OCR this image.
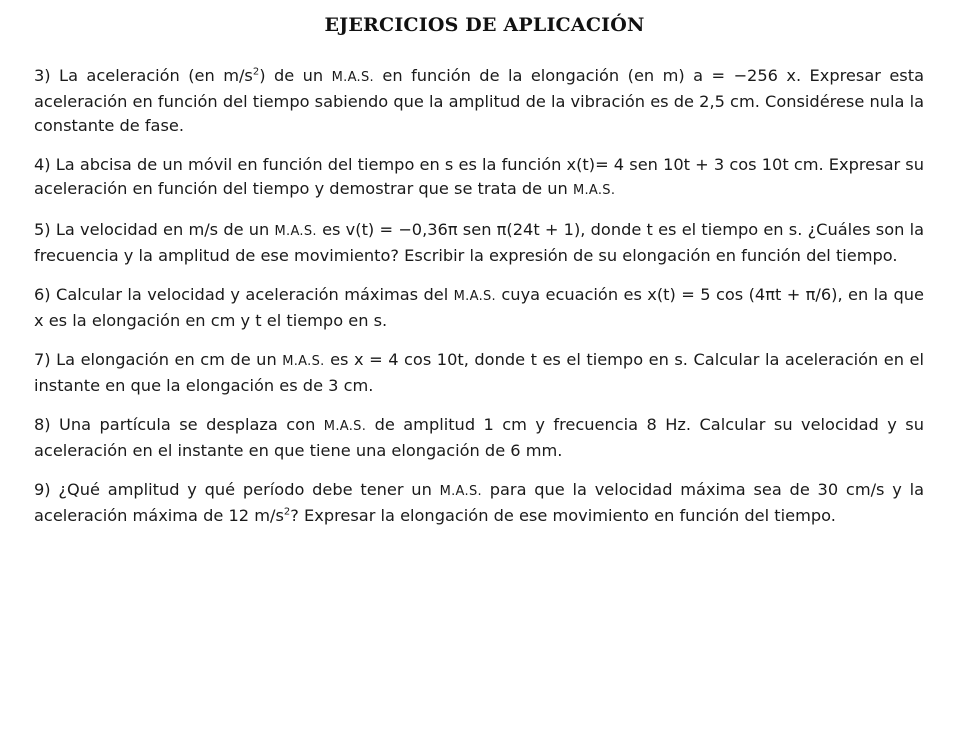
EJERCICIOS DE APLICACIÓN

3) La aceleración (en $m/s^2$) de un M.A.S. en función de la elongación (en m) a = −256 x. Expresar esta aceleración en función del tiempo sabiendo que la amplitud de la vibración es de 2,5 cm. Considérese nula la constante de fase.

4) La abcisa de un móvil en función del tiempo en s es la función x(t)= 4 sen 10t + 3 cos 10t cm. Expresar su aceleración en función del tiempo y demostrar que se trata de un M.A.S.

5) La velocidad en m/s de un M.A.S. es v(t) = −0,36π sen π(24t + 1), donde t es el tiempo en s. ¿Cuáles son la frecuencia y la amplitud de ese movimiento? Escribir la expresión de su elongación en función del tiempo.

6) Calcular la velocidad y aceleración máximas del M.A.S. cuya ecuación es x(t) = 5 cos (4πt + π/6), en la que x es la elongación en cm y t el tiempo en s.

7) La elongación en cm de un M.A.S. es x = 4 cos 10t, donde t es el tiempo en s. Calcular la aceleración en el instante en que la elongación es de 3 cm.

8) Una partícula se desplaza con M.A.S. de amplitud 1 cm y frecuencia 8 Hz. Calcular su velocidad y su aceleración en el instante en que tiene una elongación de 6 mm.

9) ¿Qué amplitud y qué período debe tener un M.A.S. para que la velocidad máxima sea de 30 cm/s y la aceleración máxima de 12 $m/s^2$? Expresar la elongación de ese movimiento en función del tiempo.
